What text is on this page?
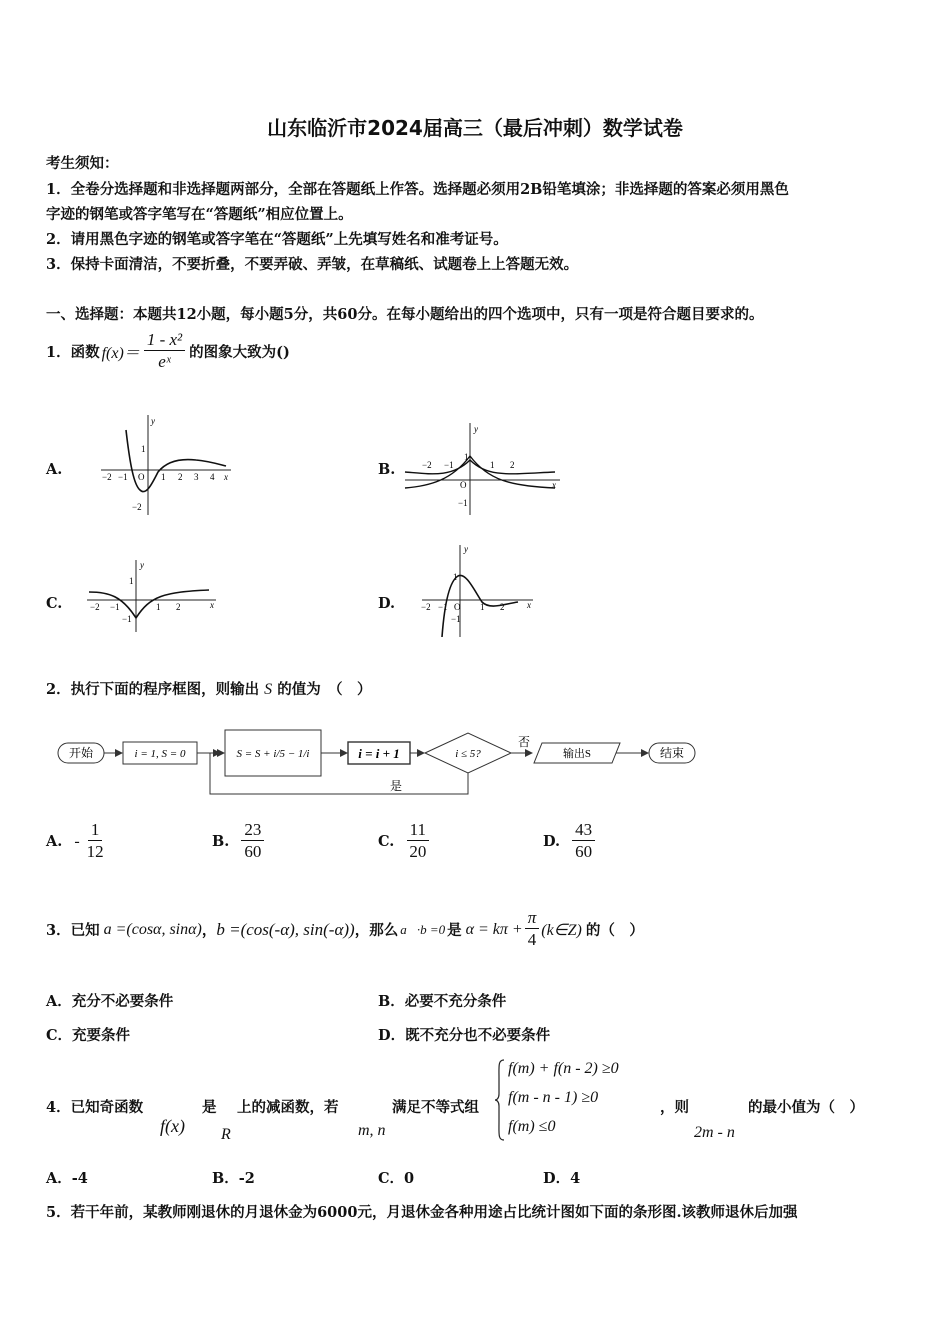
山东临沂市2024届高三（最后冲刺）数学试卷
考生须知：
1．全卷分选择题和非选择题两部分，全部在答题纸上作答。选择题必须用2B铅笔填涂；非选择题的答案必须用黑色
字迹的钢笔或答字笔写在“答题纸”相应位置上。
2．请用黑色字迹的钢笔或答字笔在“答题纸”上先填写姓名和准考证号。
3．保持卡面清洁，不要折叠，不要弄破、弄皱，在草稿纸、试题卷上上答题无效。
一、选择题：本题共12小题，每小题5分，共60分。在每小题给出的四个选项中，只有一项是符合题目要求的。
1．函数 $f(x)= \frac{\text{1 - x²}}{\text{eˣ}}$ 的图象大致为()
A.	B.
C.	D.
y
x
−2 −1 O 1 2 3 4
1
−2
y
x
−2 −1	1 2
1
O
−1
y
x
1
−2 −1	1 2
−1
y
x
−2 −1 O 1 2
1
−1
2．执行下面的程序框图，则输出 S 的值为　（　）
开始	i = 1, S = 0	S = S + i/5 − 1/i	i = i + 1	i ≤ 5?
否
输出S	结束
是
A. - $\frac{1}{12}$	B. $\frac{23}{60}$	C. $\frac{11}{20}$	D. $\frac{43}{60}$
3．已知 a =(cosα, sinα) ， b =(cos(-α), sin(-α)) ，那么 a⃗·b =0 是 $\alpha = k\pi + \frac{\pi}{4}$ (k∈Z) 的（　）
A．充分不必要条件	B．必要不充分条件
C．充要条件	D．既不充分也不必要条件
4．已知奇函数
f(x)
是
R
上的减函数，若
m, n
满足不等式组
f(m) + f(n - 2) ≥0
f(m - n - 1) ≥0
f(m) ≤0
，则
2m - n
的最小值为（　）
A．-4	B．-2	C．0	D．4
5．若干年前，某教师刚退休的月退休金为6000元，月退休金各种用途占比统计图如下面的条形图.该教师退休后加强
